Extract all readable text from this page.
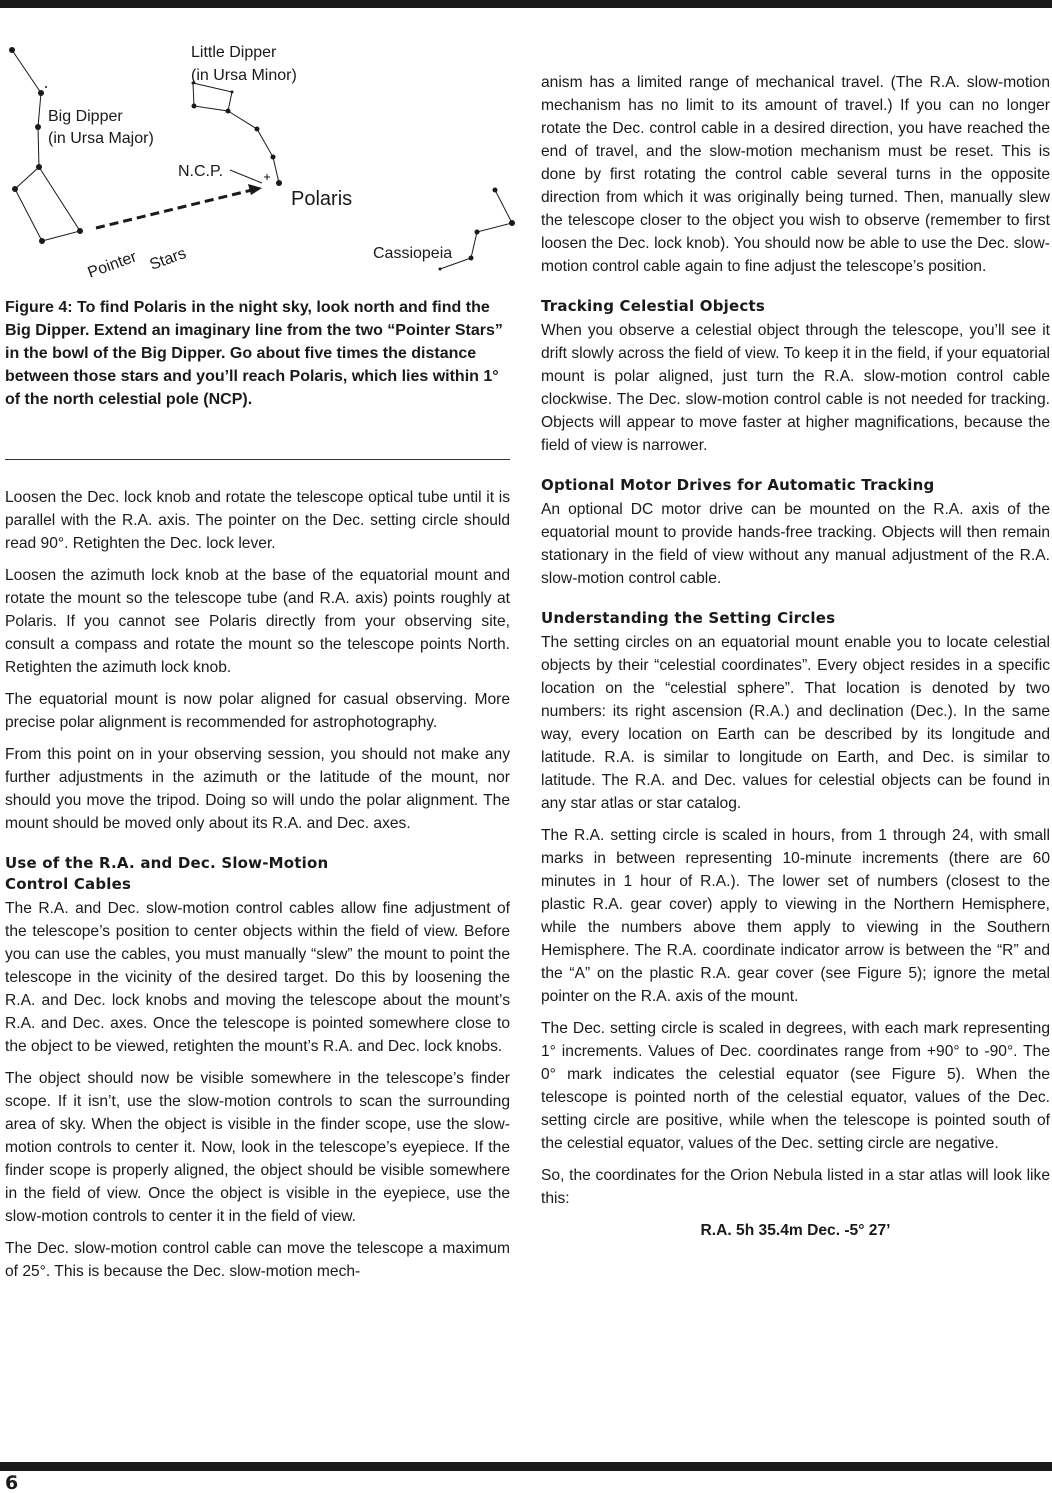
Little Dipper
(in Ursa Minor)
Big Dipper
(in Ursa Major)
N.C.P.
Polaris
Cassiopeia
Pointer Stars
Figure 4: To find Polaris in the night sky, look north and find the Big Dipper. Extend an imaginary line from the two “Pointer Stars” in the bowl of the Big Dipper. Go about five times the distance between those stars and you’ll reach Polaris, which lies within 1° of the north celestial pole (NCP).

Loosen the Dec. lock knob and rotate the telescope optical tube until it is parallel with the R.A. axis. The pointer on the Dec. setting circle should read 90°. Retighten the Dec. lock lever.

Loosen the azimuth lock knob at the base of the equatorial mount and rotate the mount so the telescope tube (and R.A. axis) points roughly at Polaris. If you cannot see Polaris directly from your observing site, consult a compass and rotate the mount so the telescope points North. Retighten the azimuth lock knob.

The equatorial mount is now polar aligned for casual observing. More precise polar alignment is recommended for astrophotography.

From this point on in your observing session, you should not make any further adjustments in the azimuth or the latitude of the mount, nor should you move the tripod. Doing so will undo the polar alignment. The mount should be moved only about its R.A. and Dec. axes.

Use of the R.A. and Dec. Slow-Motion
Control Cables

The R.A. and Dec. slow-motion control cables allow fine adjustment of the telescope’s position to center objects within the field of view. Before you can use the cables, you must manually “slew” the mount to point the telescope in the vicinity of the desired target. Do this by loosening the R.A. and Dec. lock knobs and moving the telescope about the mount’s R.A. and Dec. axes. Once the telescope is pointed somewhere close to the object to be viewed, retighten the mount’s R.A. and Dec. lock knobs.

The object should now be visible somewhere in the telescope’s finder scope. If it isn’t, use the slow-motion controls to scan the surrounding area of sky. When the object is visible in the finder scope, use the slow-motion controls to center it. Now, look in the telescope’s eyepiece. If the finder scope is properly aligned, the object should be visible somewhere in the field of view. Once the object is visible in the eyepiece, use the slow-motion controls to center it in the field of view.

The Dec. slow-motion control cable can move the telescope a maximum of 25°. This is because the Dec. slow-motion mech-

anism has a limited range of mechanical travel. (The R.A. slow-motion mechanism has no limit to its amount of travel.) If you can no longer rotate the Dec. control cable in a desired direction, you have reached the end of travel, and the slow-motion mechanism must be reset. This is done by first rotating the control cable several turns in the opposite direction from which it was originally being turned. Then, manually slew the telescope closer to the object you wish to observe (remember to first loosen the Dec. lock knob). You should now be able to use the Dec. slow-motion control cable again to fine adjust the telescope’s position.

Tracking Celestial Objects

When you observe a celestial object through the telescope, you’ll see it drift slowly across the field of view. To keep it in the field, if your equatorial mount is polar aligned, just turn the R.A. slow-motion control cable clockwise. The Dec. slow-motion control cable is not needed for tracking. Objects will appear to move faster at higher magnifications, because the field of view is narrower.

Optional Motor Drives for Automatic Tracking

An optional DC motor drive can be mounted on the R.A. axis of the equatorial mount to provide hands-free tracking. Objects will then remain stationary in the field of view without any manual adjustment of the R.A. slow-motion control cable.

Understanding the Setting Circles

The setting circles on an equatorial mount enable you to locate celestial objects by their “celestial coordinates”. Every object resides in a specific location on the “celestial sphere”. That location is denoted by two numbers: its right ascension (R.A.) and declination (Dec.). In the same way, every location on Earth can be described by its longitude and latitude. R.A. is similar to longitude on Earth, and Dec. is similar to latitude. The R.A. and Dec. values for celestial objects can be found in any star atlas or star catalog.

The R.A. setting circle is scaled in hours, from 1 through 24, with small marks in between representing 10-minute increments (there are 60 minutes in 1 hour of R.A.). The lower set of numbers (closest to the plastic R.A. gear cover) apply to viewing in the Northern Hemisphere, while the numbers above them apply to viewing in the Southern Hemisphere. The R.A. coordinate indicator arrow is between the “R” and the “A” on the plastic R.A. gear cover (see Figure 5); ignore the metal pointer on the R.A. axis of the mount.

The Dec. setting circle is scaled in degrees, with each mark representing 1° increments. Values of Dec. coordinates range from +90° to -90°. The 0° mark indicates the celestial equator (see Figure 5). When the telescope is pointed north of the celestial equator, values of the Dec. setting circle are positive, while when the telescope is pointed south of the celestial equator, values of the Dec. setting circle are negative.

So, the coordinates for the Orion Nebula listed in a star atlas will look like this:

R.A. 5h 35.4m Dec. -5° 27’
6
